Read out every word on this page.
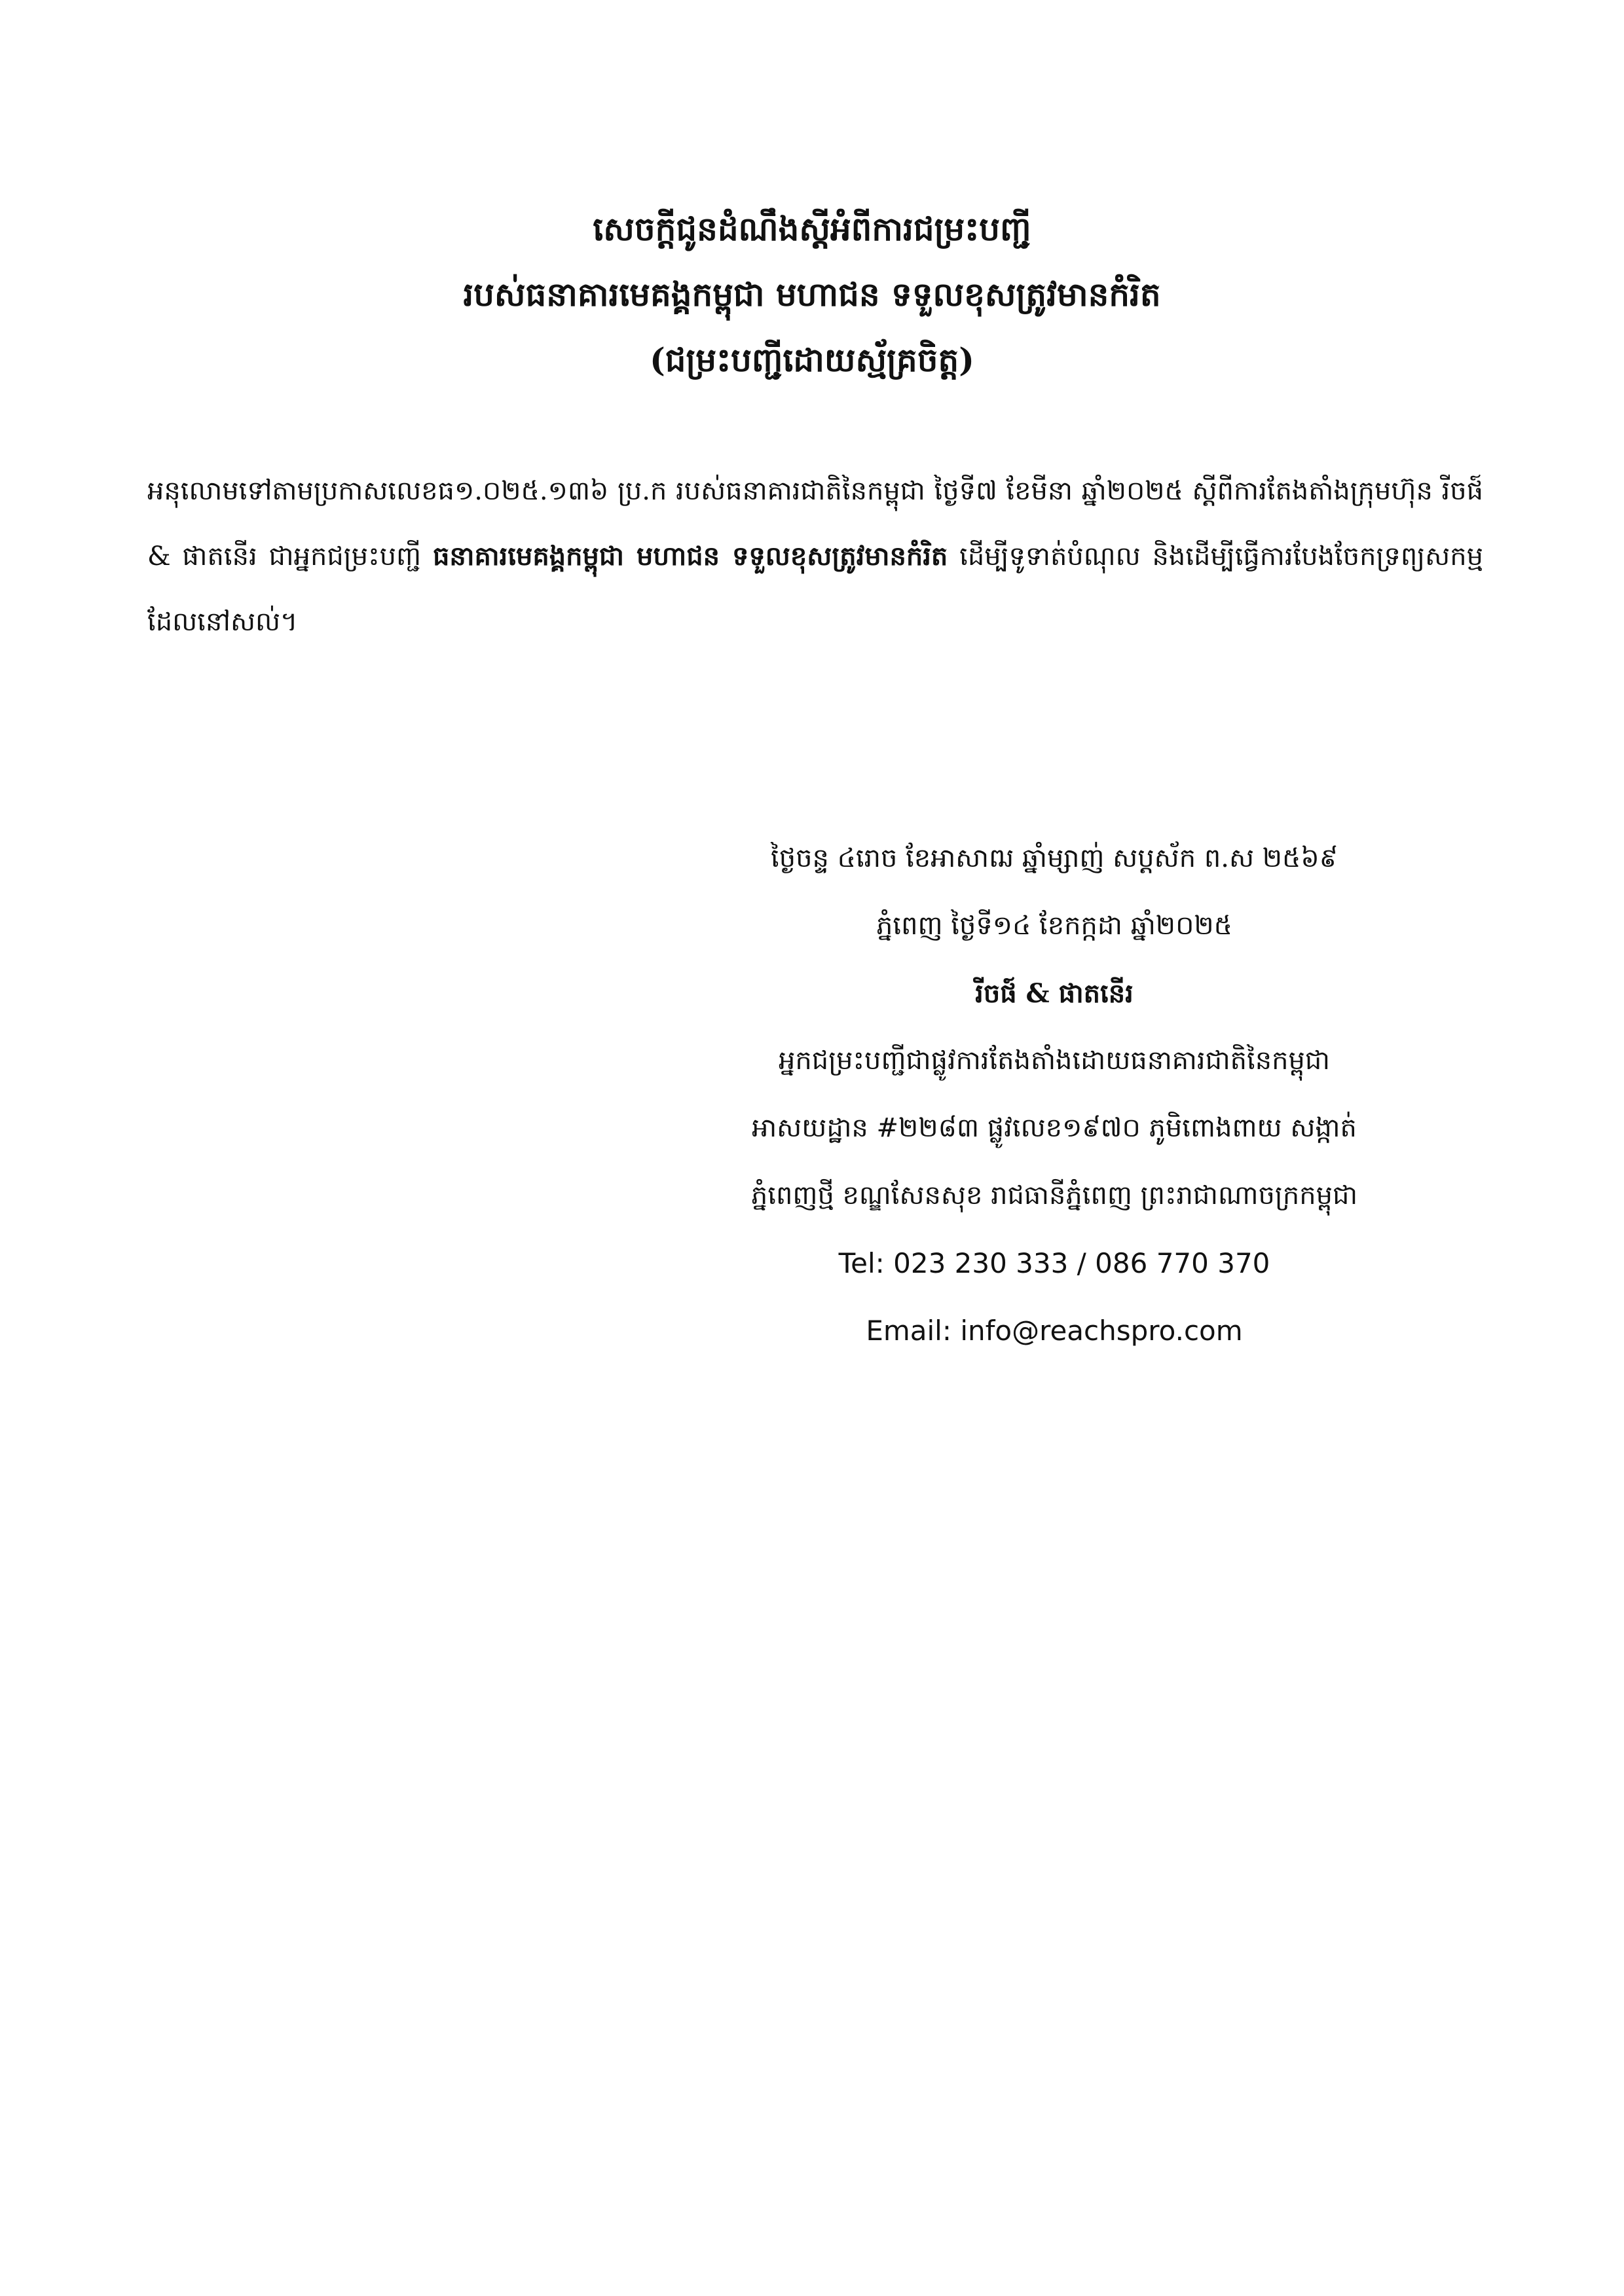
សេចក្តីជូនដំណឹងស្តីអំពីការជម្រះបញ្ជី
របស់ធនាគារមេគង្គកម្ពុជា មហាជន ទទួលខុសត្រូវមានកំរិត
(ជម្រះបញ្ជីដោយស្ម័គ្រចិត្ត)
អនុលោមទៅតាមប្រកាសលេខធ១.០២៥.១៣៦ ប្រ.ក របស់ធនាគារជាតិនៃកម្ពុជា ថ្ងៃទី៧ ខែមីនា ឆ្នាំ២០២៥ ស្តីពីការតែងតាំងក្រុមហ៊ុន រីចផ៍ & ផាតនើរ ជាអ្នកជម្រះបញ្ជី ធនាគារមេគង្គកម្ពុជា មហាជន ទទួលខុសត្រូវមានកំរិត ដើម្បីទូទាត់បំណុល និងដើម្បីធ្វើការបែងចែកទ្រព្យសកម្មដែលនៅសល់។
ថ្ងៃចន្ទ ៤រោច ខែអាសាឍ ឆ្នាំម្សាញ់ សប្តស័ក ព.ស ២៥៦៩
ភ្នំពេញ ថ្ងៃទី១៤ ខែកក្កដា ឆ្នាំ២០២៥
រីចផ៍ & ផាតនើរ
អ្នកជម្រះបញ្ជីជាផ្លូវការតែងតាំងដោយធនាគារជាតិនៃកម្ពុជា
អាសយដ្ឋាន #២២៨៣ ផ្លូវលេខ១៩៧០ ភូមិពោងពាយ សង្កាត់
ភ្នំពេញថ្មី ខណ្ឌសែនសុខ រាជធានីភ្នំពេញ ព្រះរាជាណាចក្រកម្ពុជា
Tel: 023 230 333 / 086 770 370
Email: info@reachspro.com
